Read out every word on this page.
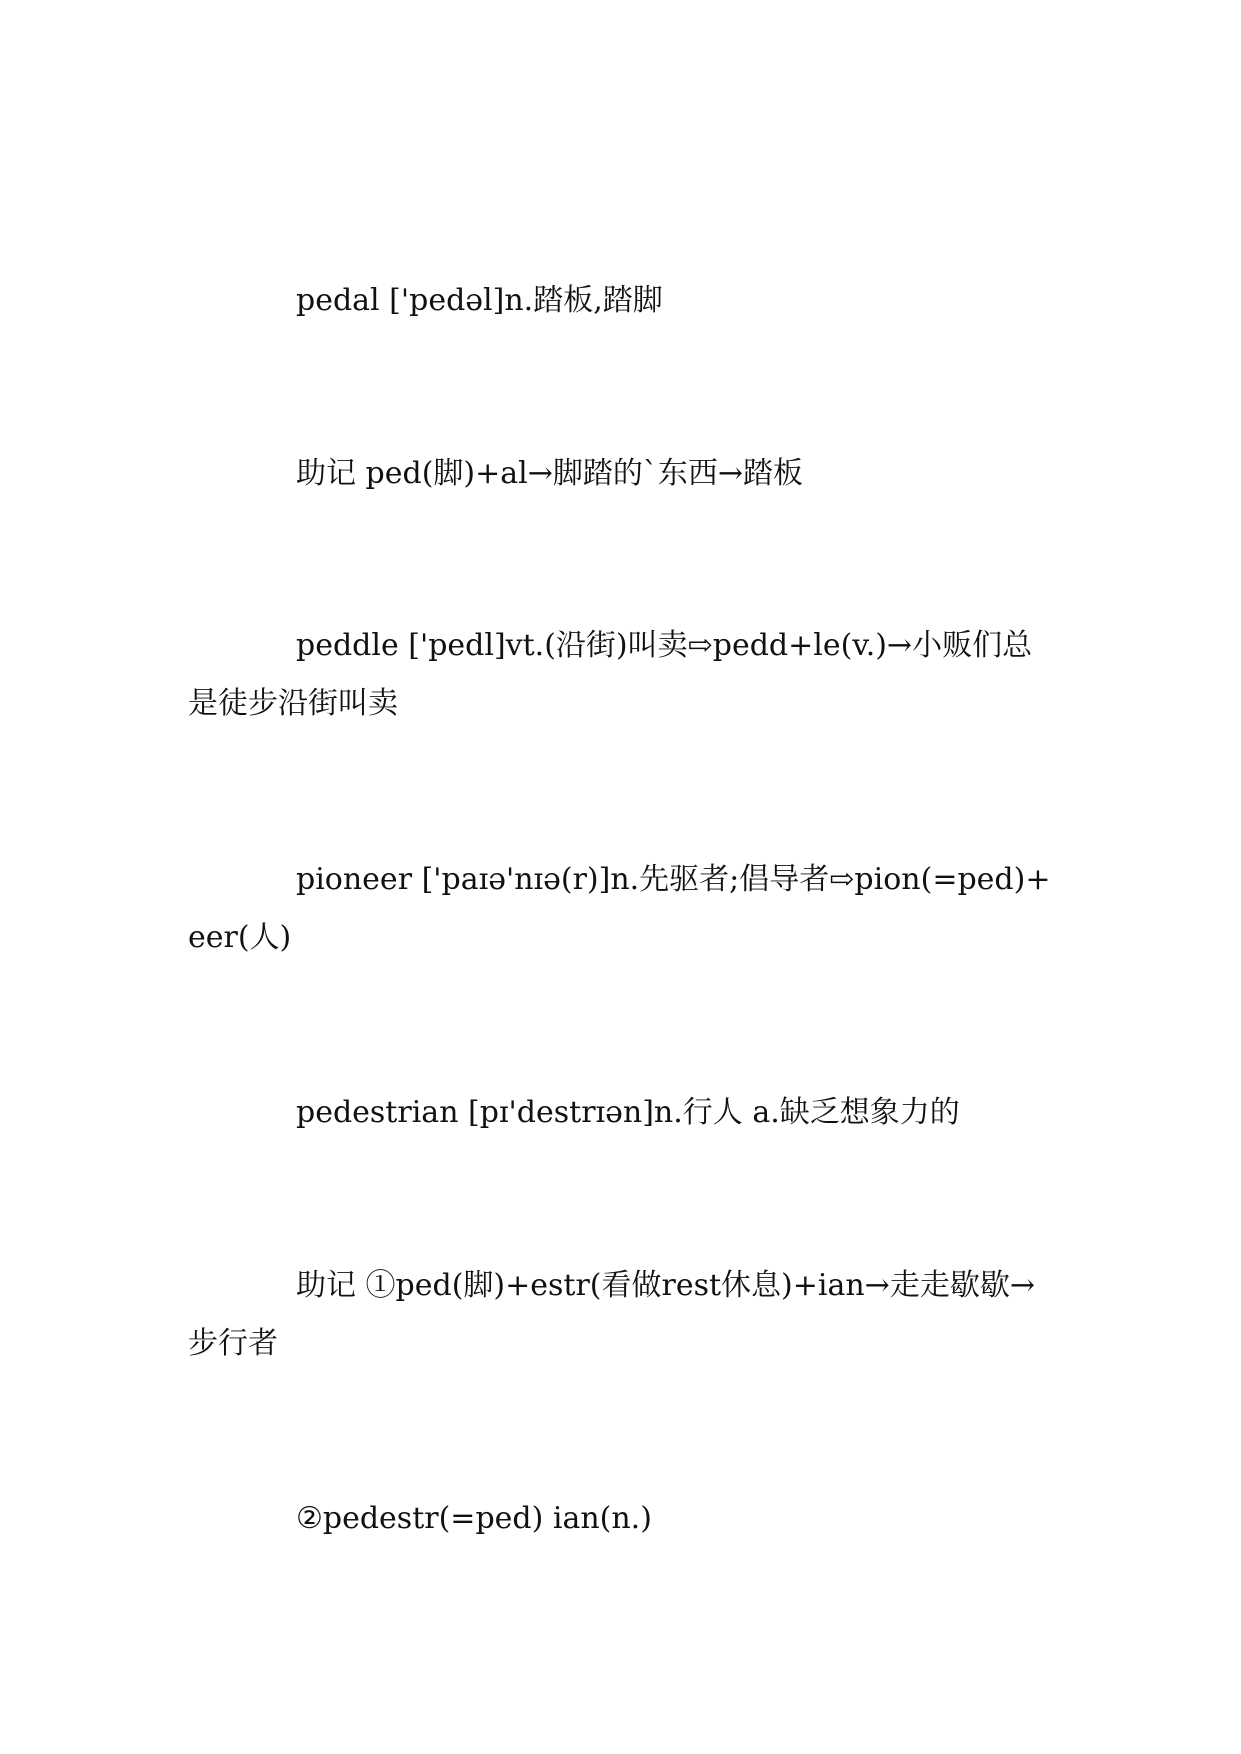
pedal ['pedəl]n.踏板,踏脚

助记 ped(脚)+al→脚踏的`东西→踏板

peddle ['pedl]vt.(沿街)叫卖⇨pedd+le(v.)→小贩们总是徒步沿街叫卖

pioneer ['paɪə'nɪə(r)]n.先驱者;倡导者⇨pion(=ped)+eer(人)

pedestrian [pɪ'destrɪən]n.行人 a.缺乏想象力的

助记 ①ped(脚)+estr(看做rest休息)+ian→走走歇歇→步行者

②pedestr(=ped) ian(n.)
